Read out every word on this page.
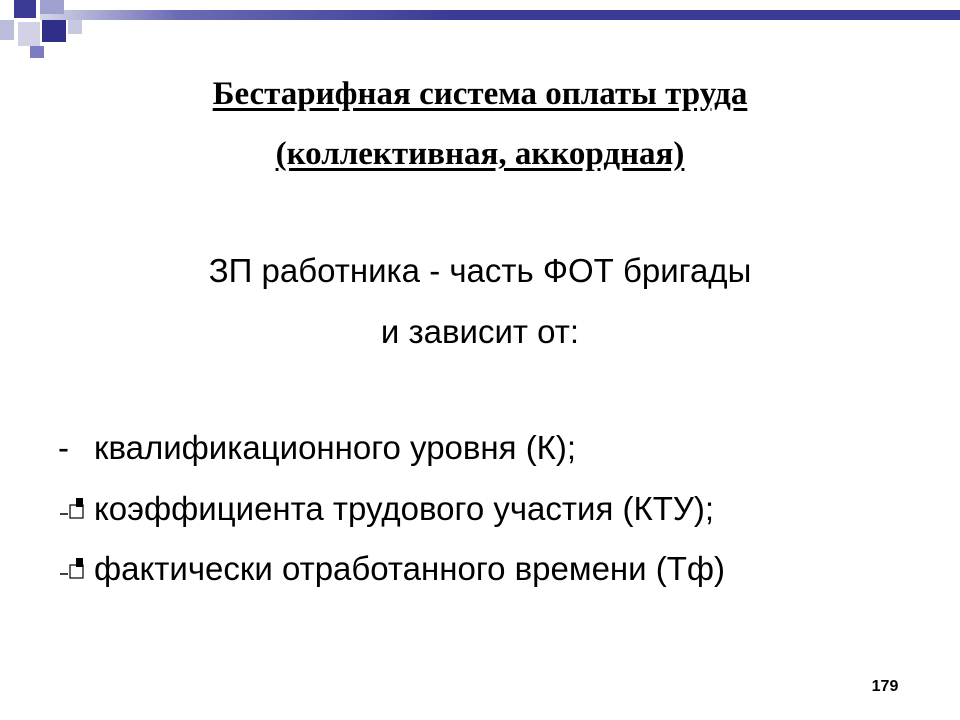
Бестарифная система оплаты труда
(коллективная, аккордная)
ЗП работника - часть ФОТ бригады
и зависит от:
- квалификационного уровня (К);
коэффициента трудового участия (КТУ);
фактически отработанного времени (Тф)
179
